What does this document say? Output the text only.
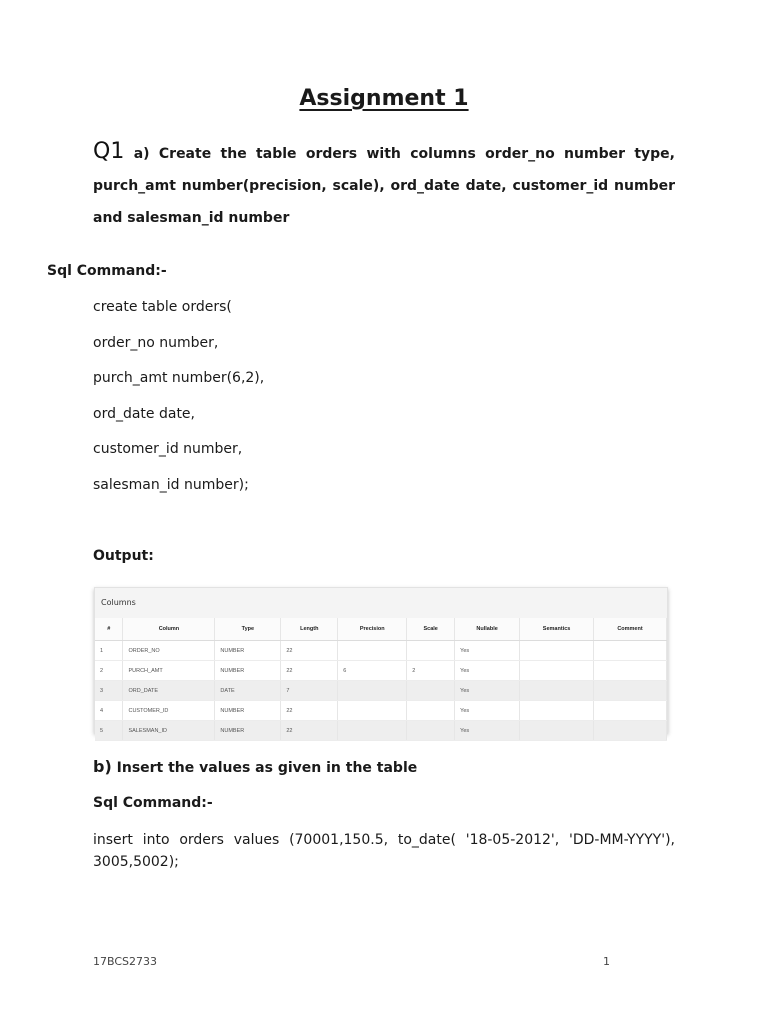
Assignment 1
Q1 a) Create the table orders with columns order_no number type, purch_amt number(precision, scale), ord_date date, customer_id number and salesman_id number
Sql Command:-
create table orders(
order_no number,
purch_amt number(6,2),
ord_date date,
customer_id number,
salesman_id number);
Output:
Columns
#	Column	Type	Length	Precision	Scale	Nullable	Semantics	Comment
1	ORDER_NO	NUMBER	22			Yes		
2	PURCH_AMT	NUMBER	22	6	2	Yes		
3	ORD_DATE	DATE	7			Yes		
4	CUSTOMER_ID	NUMBER	22			Yes		
5	SALESMAN_ID	NUMBER	22			Yes		
b) Insert the values as given in the table
Sql Command:-
insert into orders values (70001,150.5, to_date( '18-05-2012', 'DD-MM-YYYY'), 3005,5002);
17BCS2733	1
